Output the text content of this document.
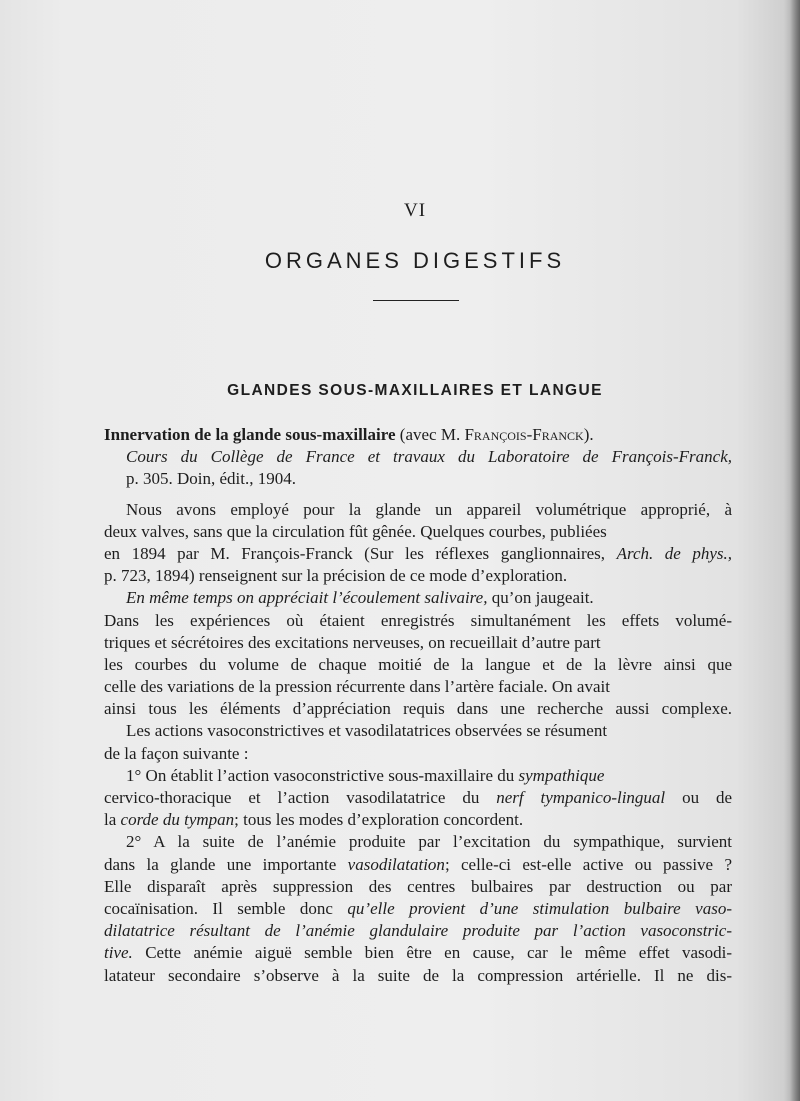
VI
ORGANES DIGESTIFS
GLANDES SOUS-MAXILLAIRES ET LANGUE
Innervation de la glande sous-maxillaire (avec M. François-Franck).
Cours du Collège de France et travaux du Laboratoire de François-Franck,
p. 305. Doin, édit., 1904.
Nous avons employé pour la glande un appareil volumétrique approprié, à
deux valves, sans que la circulation fût gênée. Quelques courbes, publiées
en 1894 par M. François-Franck (Sur les réflexes ganglionnaires, Arch. de phys.,
p. 723, 1894) renseignent sur la précision de ce mode d’exploration.
En même temps on appréciait l’écoulement salivaire, qu’on jaugeait.
Dans les expériences où étaient enregistrés simultanément les effets volumé-
triques et sécrétoires des excitations nerveuses, on recueillait d’autre part
les courbes du volume de chaque moitié de la langue et de la lèvre ainsi que
celle des variations de la pression récurrente dans l’artère faciale. On avait
ainsi tous les éléments d’appréciation requis dans une recherche aussi complexe.
Les actions vasoconstrictives et vasodilatatrices observées se résument
de la façon suivante :
1° On établit l’action vasoconstrictive sous-maxillaire du sympathique
cervico-thoracique et l’action vasodilatatrice du nerf tympanico-lingual ou de
la corde du tympan; tous les modes d’exploration concordent.
2° A la suite de l’anémie produite par l’excitation du sympathique, survient
dans la glande une importante vasodilatation; celle-ci est-elle active ou passive ?
Elle disparaît après suppression des centres bulbaires par destruction ou par
cocaïnisation. Il semble donc qu’elle provient d’une stimulation bulbaire vaso-
dilatatrice résultant de l’anémie glandulaire produite par l’action vasoconstric-
tive. Cette anémie aiguë semble bien être en cause, car le même effet vasodi-
latateur secondaire s’observe à la suite de la compression artérielle. Il ne dis-
